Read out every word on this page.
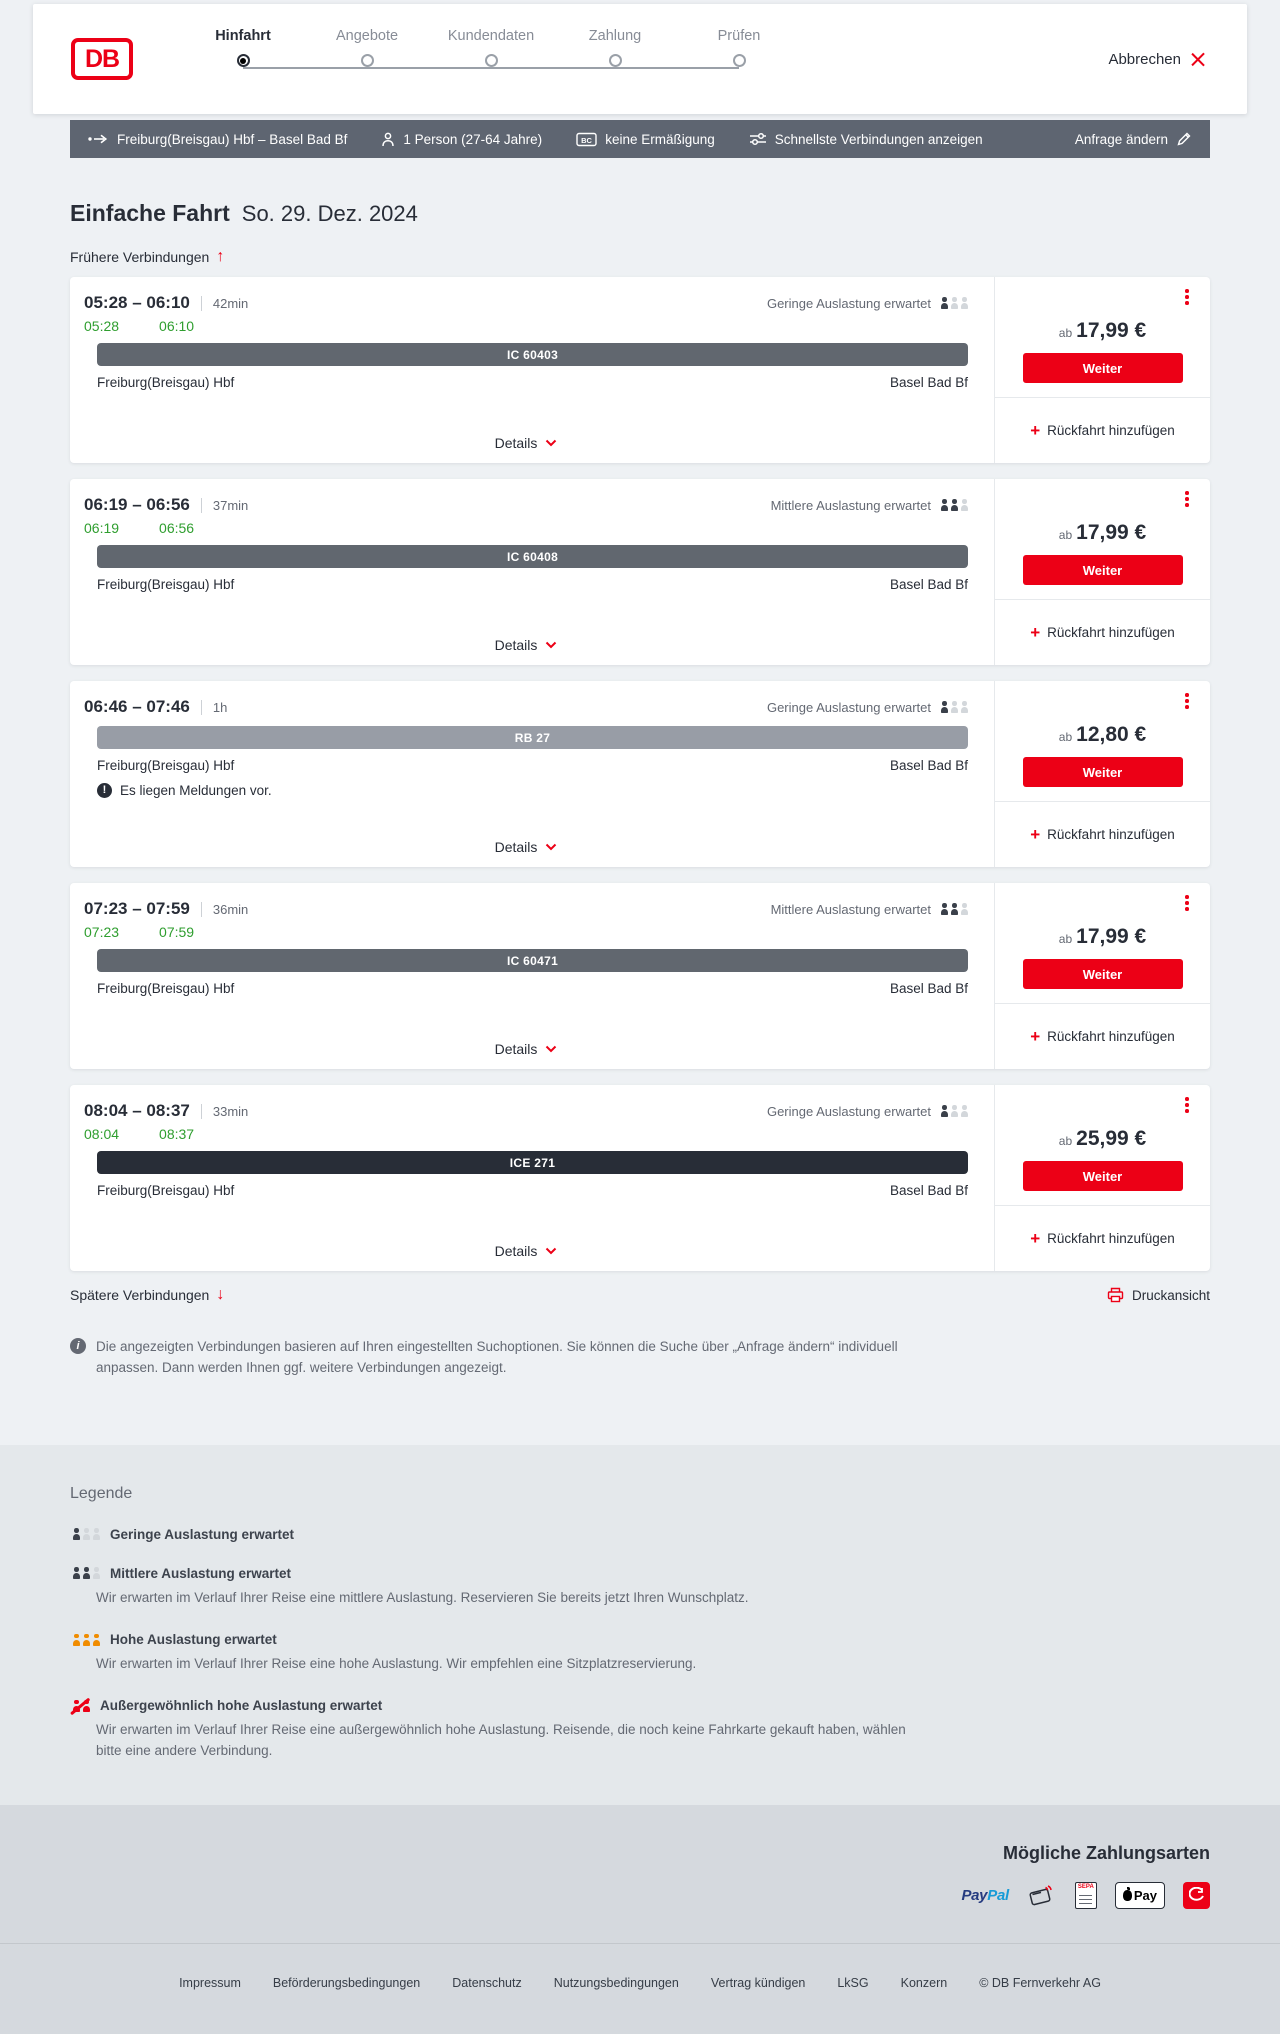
DB
Hinfahrt	Angebote	Kundendaten	Zahlung	Prüfen
Abbrechen
Freiburg(Breisgau) Hbf – Basel Bad Bf	1 Person (27-64 Jahre)	BC keine Ermäßigung	Schnellste Verbindungen anzeigen	Anfrage ändern
Einfache Fahrt So. 29. Dez. 2024
Frühere Verbindungen ↑
05:28 – 06:10 42min	Geringe Auslastung erwartet
05:28	06:10
IC 60403
Freiburg(Breisgau) Hbf	Basel Bad Bf
Details
ab 17,99 €
Weiter
+
Rückfahrt hinzufügen
06:19 – 06:56 37min	Mittlere Auslastung erwartet
06:19	06:56
IC 60408
Freiburg(Breisgau) Hbf	Basel Bad Bf
Details
ab 17,99 €
Weiter
+
Rückfahrt hinzufügen
06:46 – 07:46 1h	Geringe Auslastung erwartet
RB 27
Freiburg(Breisgau) Hbf	Basel Bad Bf
!
Es liegen Meldungen vor.
Details
ab 12,80 €
Weiter
+
Rückfahrt hinzufügen
07:23 – 07:59 36min	Mittlere Auslastung erwartet
07:23	07:59
IC 60471
Freiburg(Breisgau) Hbf	Basel Bad Bf
Details
ab 17,99 €
Weiter
+
Rückfahrt hinzufügen
08:04 – 08:37 33min	Geringe Auslastung erwartet
08:04	08:37
ICE 271
Freiburg(Breisgau) Hbf	Basel Bad Bf
Details
ab 25,99 €
Weiter
+
Rückfahrt hinzufügen
Spätere Verbindungen ↓	Druckansicht
i
Die angezeigten Verbindungen basieren auf Ihren eingestellten Suchoptionen. Sie können die Suche über „Anfrage ändern“ individuell anpassen. Dann werden Ihnen ggf. weitere Verbindungen angezeigt.
Legende
Geringe Auslastung erwartet
Mittlere Auslastung erwartet
Wir erwarten im Verlauf Ihrer Reise eine mittlere Auslastung. Reservieren Sie bereits jetzt Ihren Wunschplatz.
Hohe Auslastung erwartet
Wir erwarten im Verlauf Ihrer Reise eine hohe Auslastung. Wir empfehlen eine Sitzplatzreservierung.
Außergewöhnlich hohe Auslastung erwartet
Wir erwarten im Verlauf Ihrer Reise eine außergewöhnlich hohe Auslastung. Reisende, die noch keine Fahrkarte gekauft haben, wählen bitte eine andere Verbindung.
Mögliche Zahlungsarten
PayPal SEPA	Pay
Impressum	Beförderungsbedingungen	Datenschutz	Nutzungsbedingungen	Vertrag kündigen	LkSG	Konzern	© DB Fernverkehr AG
